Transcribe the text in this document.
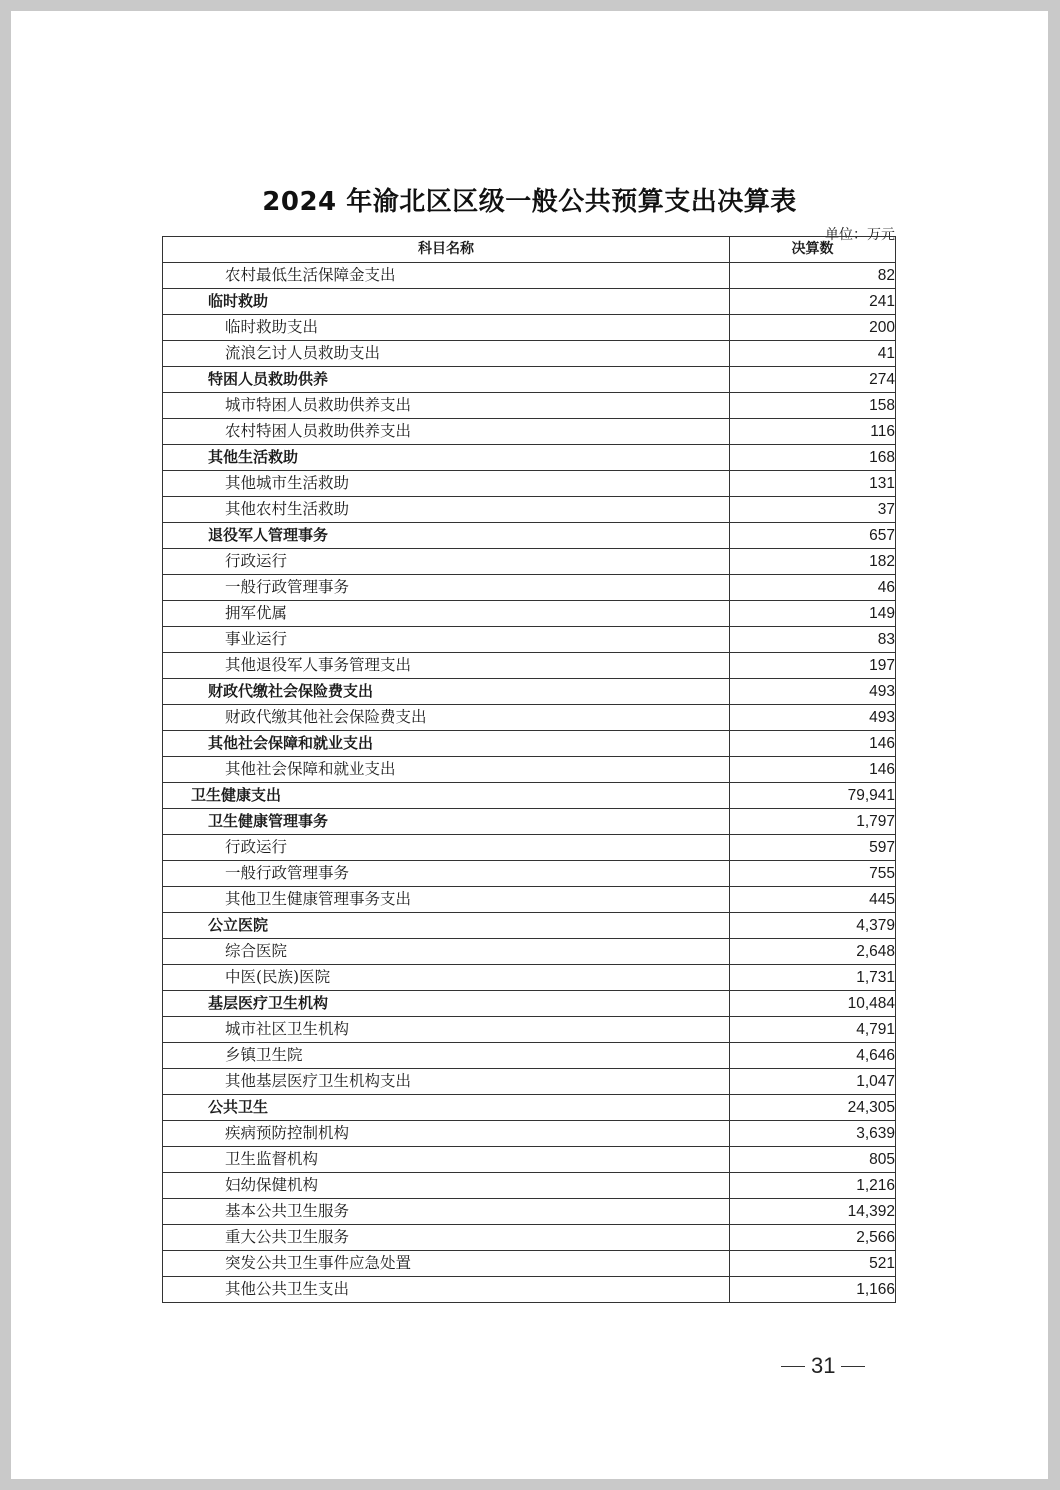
2024 年渝北区区级一般公共预算支出决算表
单位：万元
科目名称	决算数
农村最低生活保障金支出	82
临时救助	241
临时救助支出	200
流浪乞讨人员救助支出	41
特困人员救助供养	274
城市特困人员救助供养支出	158
农村特困人员救助供养支出	116
其他生活救助	168
其他城市生活救助	131
其他农村生活救助	37
退役军人管理事务	657
行政运行	182
一般行政管理事务	46
拥军优属	149
事业运行	83
其他退役军人事务管理支出	197
财政代缴社会保险费支出	493
财政代缴其他社会保险费支出	493
其他社会保障和就业支出	146
其他社会保障和就业支出	146
卫生健康支出	79,941
卫生健康管理事务	1,797
行政运行	597
一般行政管理事务	755
其他卫生健康管理事务支出	445
公立医院	4,379
综合医院	2,648
中医(民族)医院	1,731
基层医疗卫生机构	10,484
城市社区卫生机构	4,791
乡镇卫生院	4,646
其他基层医疗卫生机构支出	1,047
公共卫生	24,305
疾病预防控制机构	3,639
卫生监督机构	805
妇幼保健机构	1,216
基本公共卫生服务	14,392
重大公共卫生服务	2,566
突发公共卫生事件应急处置	521
其他公共卫生支出	1,166
31
